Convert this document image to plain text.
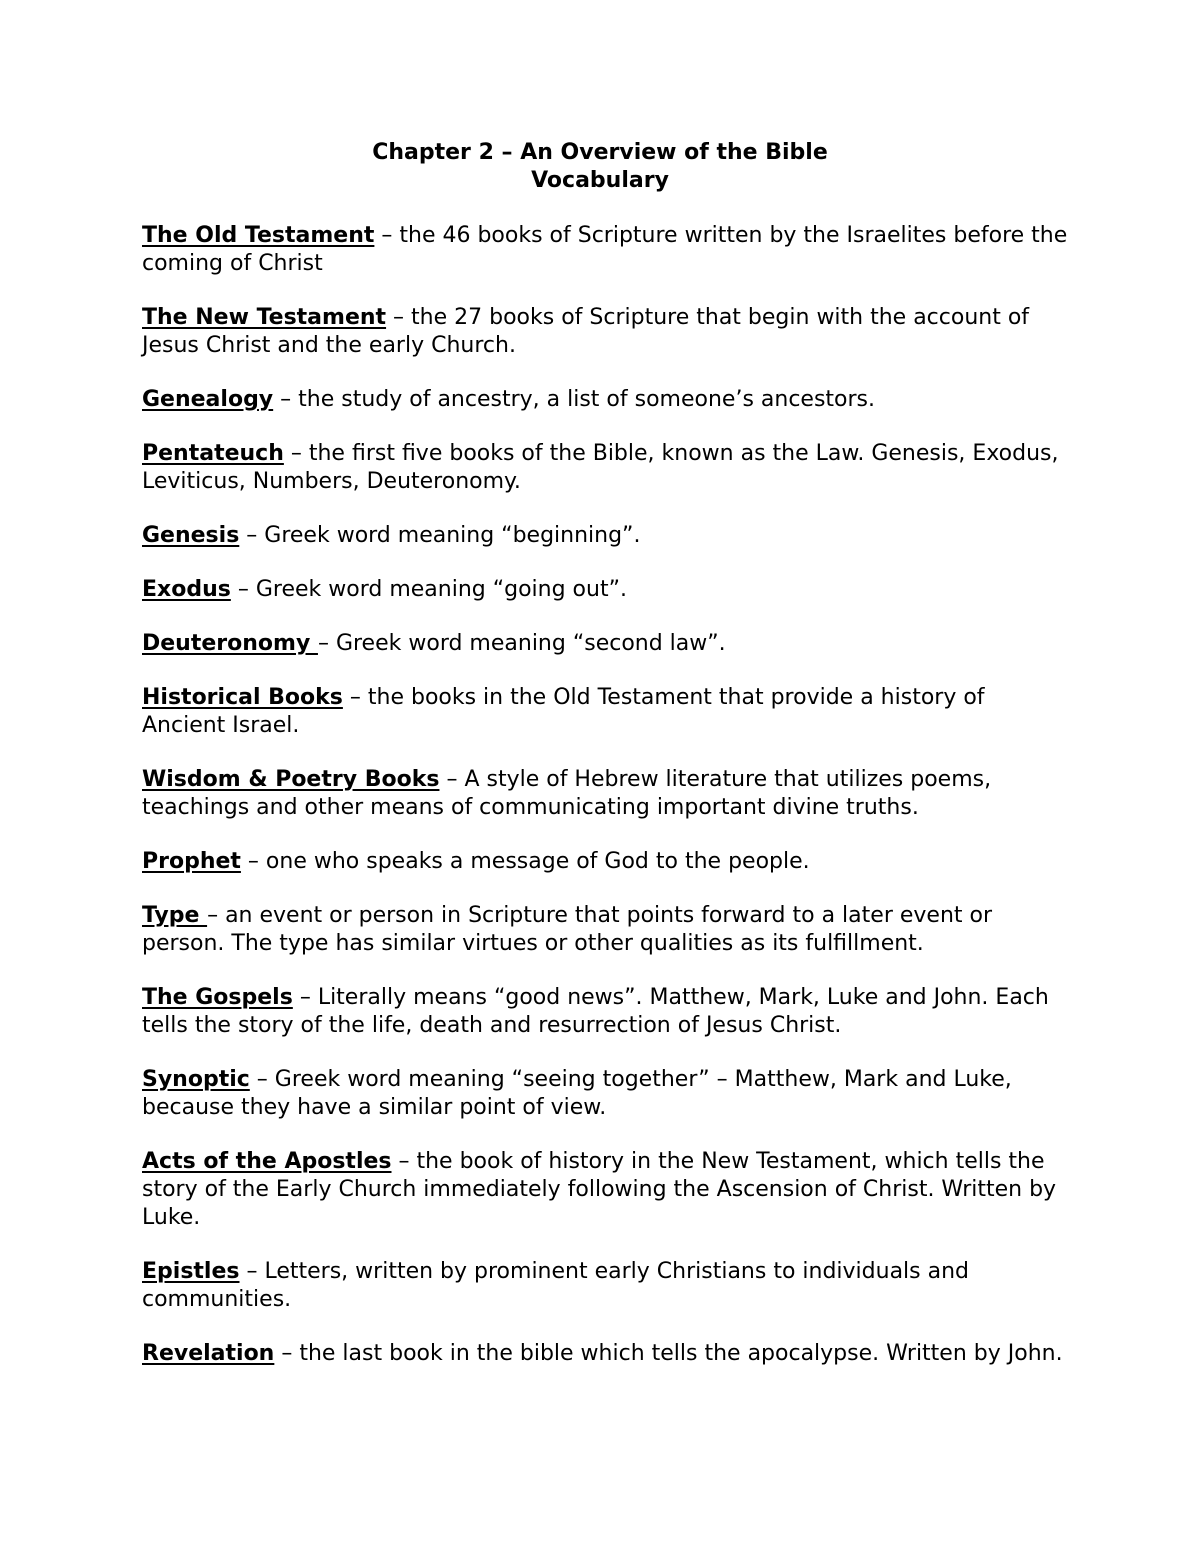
Chapter 2 – An Overview of the Bible
Vocabulary

The Old Testament – the 46 books of Scripture written by the Israelites before the coming of Christ

The New Testament – the 27 books of Scripture that begin with the account of Jesus Christ and the early Church.

Genealogy – the study of ancestry, a list of someone’s ancestors.

Pentateuch – the first five books of the Bible, known as the Law. Genesis, Exodus, Leviticus, Numbers, Deuteronomy.

Genesis – Greek word meaning “beginning”.

Exodus – Greek word meaning “going out”.

Deuteronomy – Greek word meaning “second law”.

Historical Books – the books in the Old Testament that provide a history of Ancient Israel.

Wisdom & Poetry Books – A style of Hebrew literature that utilizes poems, teachings and other means of communicating important divine truths.

Prophet – one who speaks a message of God to the people.

Type – an event or person in Scripture that points forward to a later event or person. The type has similar virtues or other qualities as its fulfillment.

The Gospels – Literally means “good news”. Matthew, Mark, Luke and John. Each tells the story of the life, death and resurrection of Jesus Christ.

Synoptic – Greek word meaning “seeing together” – Matthew, Mark and Luke, because they have a similar point of view.

Acts of the Apostles – the book of history in the New Testament, which tells the story of the Early Church immediately following the Ascension of Christ. Written by Luke.

Epistles – Letters, written by prominent early Christians to individuals and communities.

Revelation – the last book in the bible which tells the apocalypse. Written by John.
